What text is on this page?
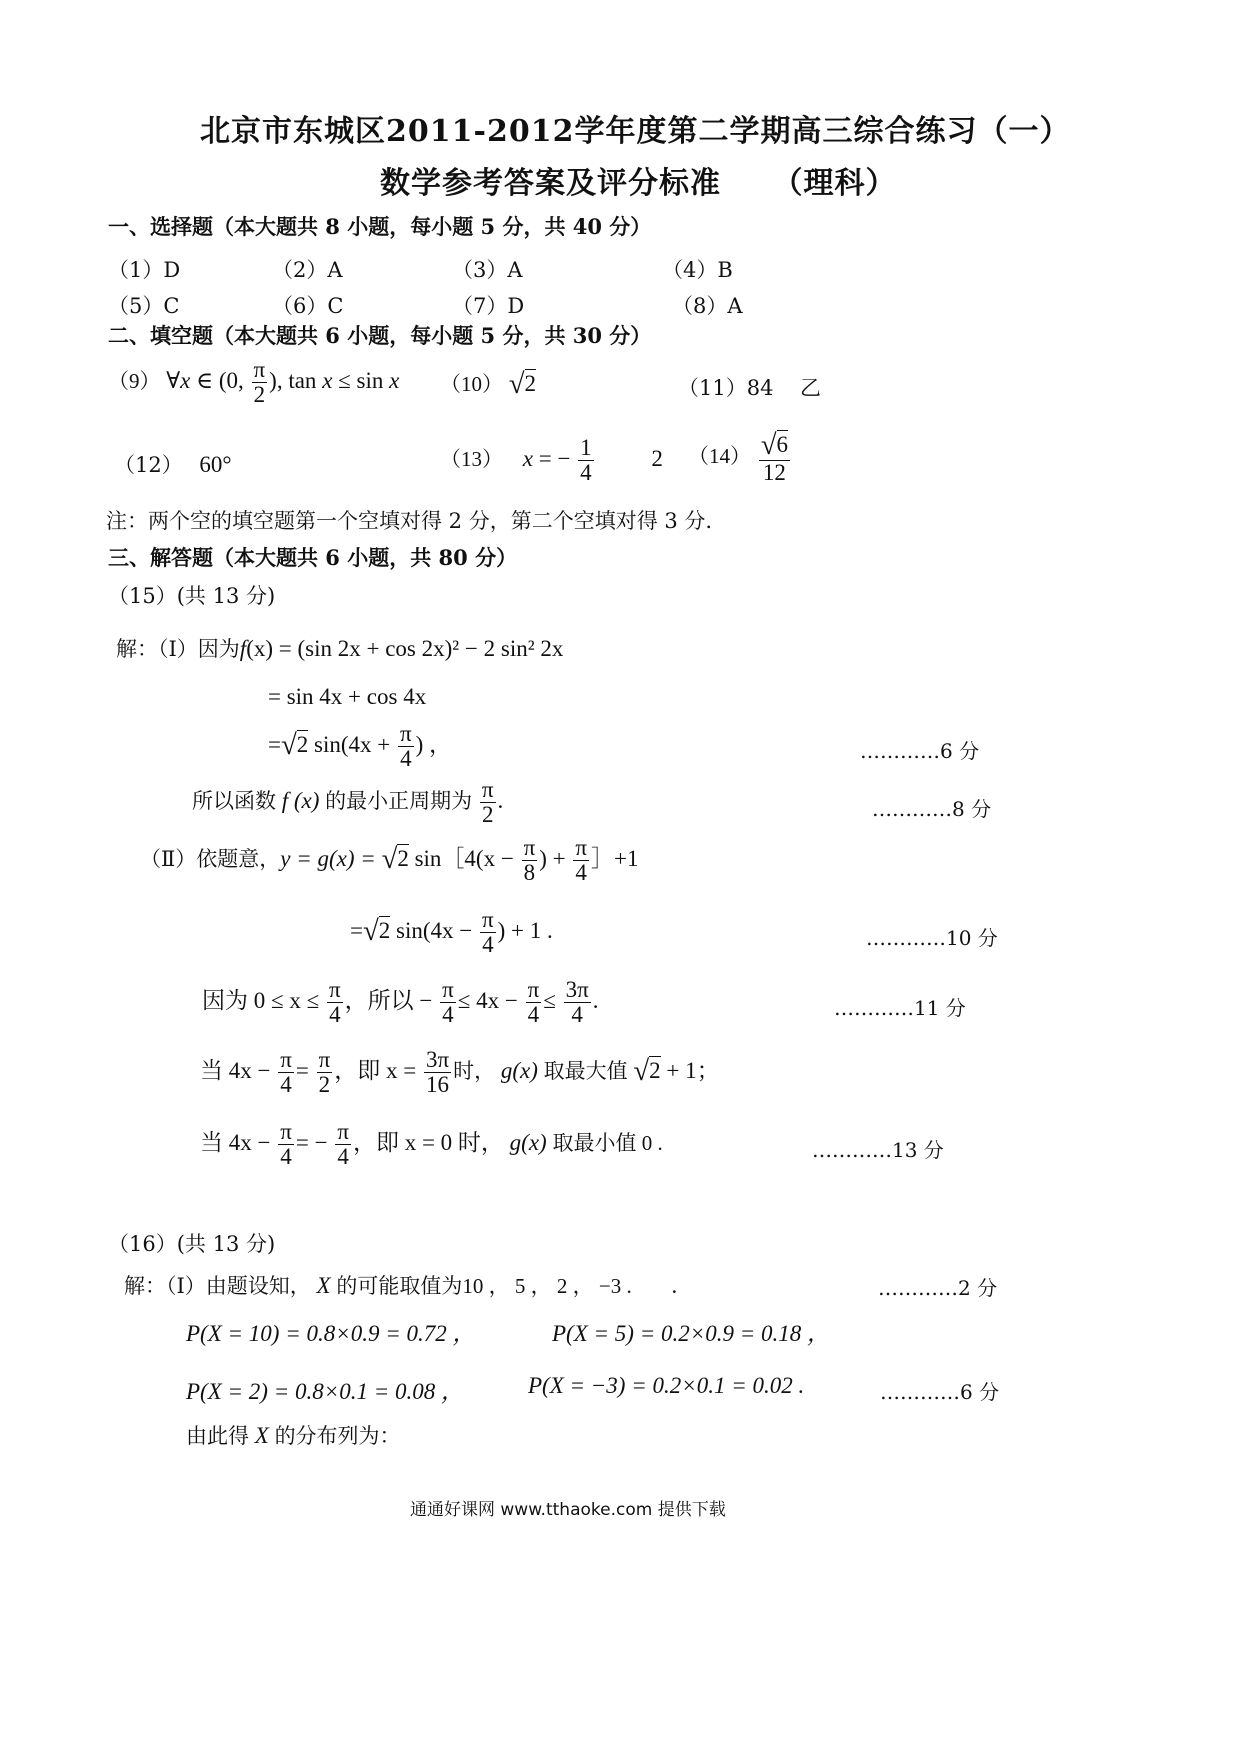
北京市东城区2011-2012学年度第二学期高三综合练习（一）
数学参考答案及评分标准 （理科）
一、选择题（本大题共 8 小题，每小题 5 分，共 40 分）
（1）D	（2）A	（3）A	（4）B
（5）C	（6）C	（7）D	（8）A
二、填空题（本大题共 6 小题，每小题 5 分，共 30 分）
（9） ∀x ∈ (0, $\frac{\pi}{2}$ ), tan x ≤ sin x （10） √2	（11）84 乙
（12） 60°	（13） x = − $\frac{1}{4}$	2 $(14) \frac{√6}{12}$
注：两个空的填空题第一个空填对得 2 分，第二个空填对得 3 分.
三、解答题（本大题共 6 小题，共 80 分）
（15）(共 13 分)
解：（Ⅰ）因为f(x) = (sin 2x + cos 2x)² − 2 sin² 2x
= sin 4x + cos 4x
=√2 $\sin(4x + \frac{\pi}{4}$ ) ，	…………6 分
所以函数 f (x) 的最小正周期为 $\frac{\pi}{2}$ .	…………8 分
（Ⅱ）依题意，y = g(x) = √2 sin［4(x − $\frac{\pi}{8}$ ) + $\frac{\pi}{4}$ ］+1
=√2 $\sin(4x - \frac{\pi}{4}$ ) + 1 .	…………10 分
因为 $0 \le x \le \frac{\pi}{4}$ ，所以 − $\frac{\pi}{4} \le 4x - \frac{\pi}{4} \le \frac{3\pi}{4}$ .	…………11 分
当 $4x - \frac{\pi}{4} = \frac{\pi}{2}$ ，即 $x = \frac{3\pi}{16}$ 时， g(x) 取最大值 √2 + 1；
当 $4x - \frac{\pi}{4}$ = − $\frac{\pi}{4}$ ，即 x = 0 时， g(x) 取最小值 0 .	…………13 分
（16）(共 13 分)
解：（Ⅰ）由题设知， X 的可能取值为10 ， 5 ， 2 ， −3 . .	…………2 分
P(X = 10) = 0.8×0.9 = 0.72 ，	P(X = 5) = 0.2×0.9 = 0.18 ，
P(X = 2) = 0.8×0.1 = 0.08 ，	P(X = −3) = 0.2×0.1 = 0.02 .	…………6 分
由此得 X 的分布列为：
通通好课网 www.tthaoke.com 提供下载
